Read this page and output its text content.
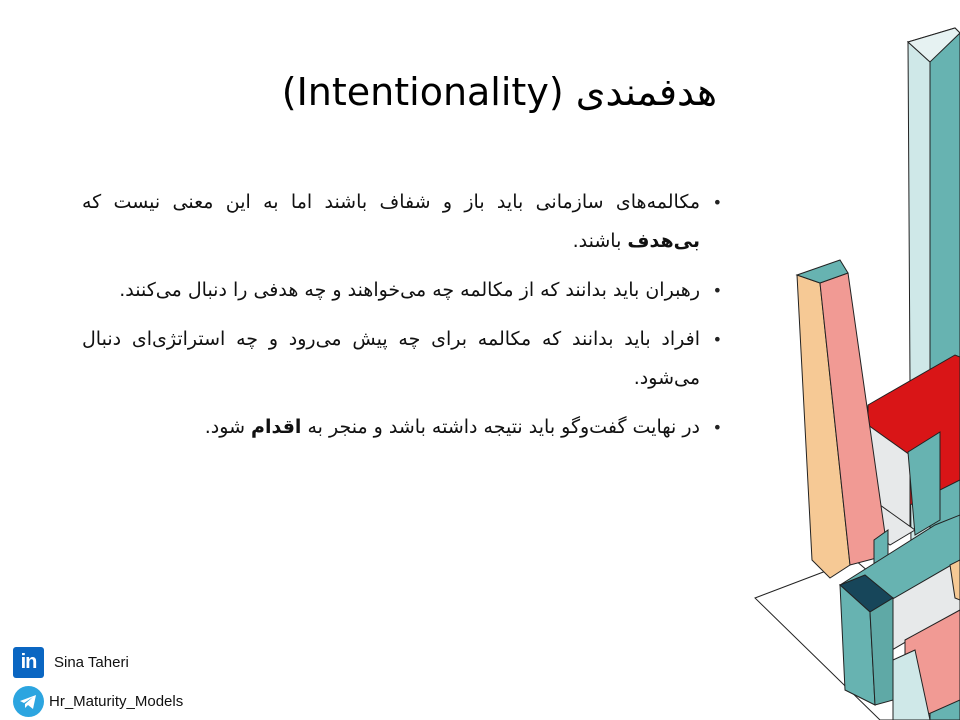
هدفمندی (Intentionality)
•
مکالمه‌های سازمانی باید باز و شفاف باشند اما به این معنی نیست که بی‌هدف باشند.
•
رهبران باید بدانند که از مکالمه چه می‌خواهند و چه هدفی را دنبال می‌کنند.
•
افراد باید بدانند که مکالمه برای چه پیش می‌رود و چه استراتژی‌ای دنبال می‌شود.
•
در نهایت گفت‌وگو باید نتیجه داشته باشد و منجر به اقدام شود.
in	Sina Taheri
Hr_Maturity_Models
